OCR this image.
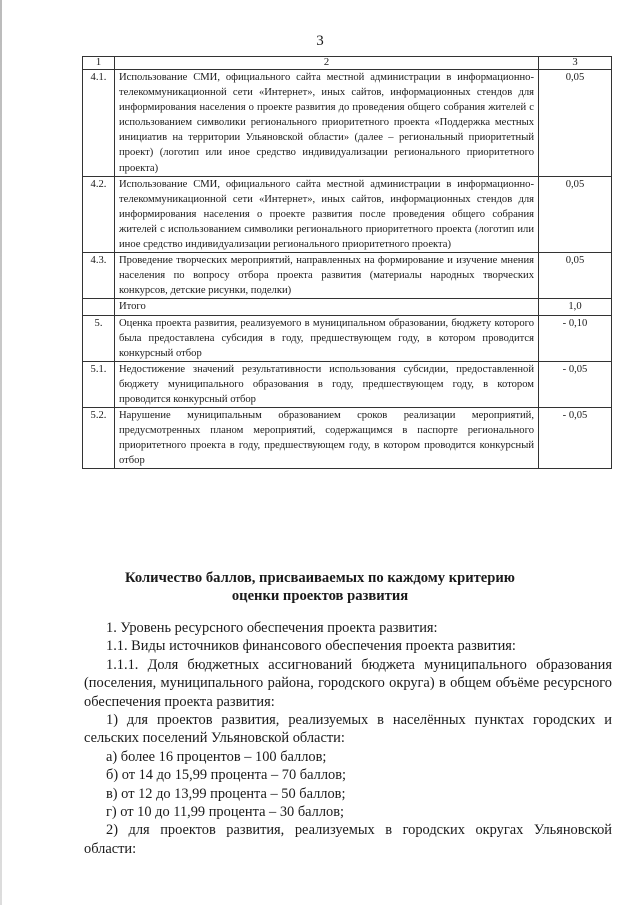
3
1	2	3
4.1.	Использование СМИ, официального сайта местной администрации в информационно-телекоммуникационной сети «Интернет», иных сайтов, информационных стендов для информирования населения о проекте развития до проведения общего собрания жителей с использованием символики регионального приоритетного проекта «Поддержка местных инициатив на территории Ульяновской области» (далее – региональный приоритетный проект) (логотип или иное средство индивидуализации регионального приоритетного проекта)	0,05
4.2.	Использование СМИ, официального сайта местной администрации в информационно-телекоммуникационной сети «Интернет», иных сайтов, информационных стендов для информирования населения о проекте развития после проведения общего собрания жителей с использованием символики регионального приоритетного проекта (логотип или иное средство индивидуализации регионального приоритетного проекта)	0,05
4.3.	Проведение творческих мероприятий, направленных на формирование и изучение мнения населения по вопросу отбора проекта развития (материалы народных творческих конкурсов, детские рисунки, поделки)	0,05
	Итого	1,0
5.	Оценка проекта развития, реализуемого в муниципальном образовании, бюджету которого была предоставлена субсидия в году, предшествующем году, в котором проводится конкурсный отбор	- 0,10
5.1.	Недостижение значений результативности использования субсидии, предоставленной бюджету муниципального образования в году, предшествующем году, в котором проводится конкурсный отбор	- 0,05
5.2.	Нарушение муниципальным образованием сроков реализации мероприятий, предусмотренных планом мероприятий, содержащимся в паспорте регионального приоритетного проекта в году, предшествующем году, в котором проводится конкурсный отбор	- 0,05
Количество баллов, присваиваемых по каждому критерию
оценки проектов развития

1. Уровень ресурсного обеспечения проекта развития:

1.1. Виды источников финансового обеспечения проекта развития:

1.1.1. Доля бюджетных ассигнований бюджета муниципального образования (поселения, муниципального района, городского округа) в общем объёме ресурсного обеспечения проекта развития:

1) для проектов развития, реализуемых в населённых пунктах городских и сельских поселений Ульяновской области:

а) более 16 процентов – 100 баллов;

б) от 14 до 15,99 процента – 70 баллов;

в) от 12 до 13,99 процента – 50 баллов;

г) от 10 до 11,99 процента – 30 баллов;

2) для проектов развития, реализуемых в городских округах Ульяновской области:
